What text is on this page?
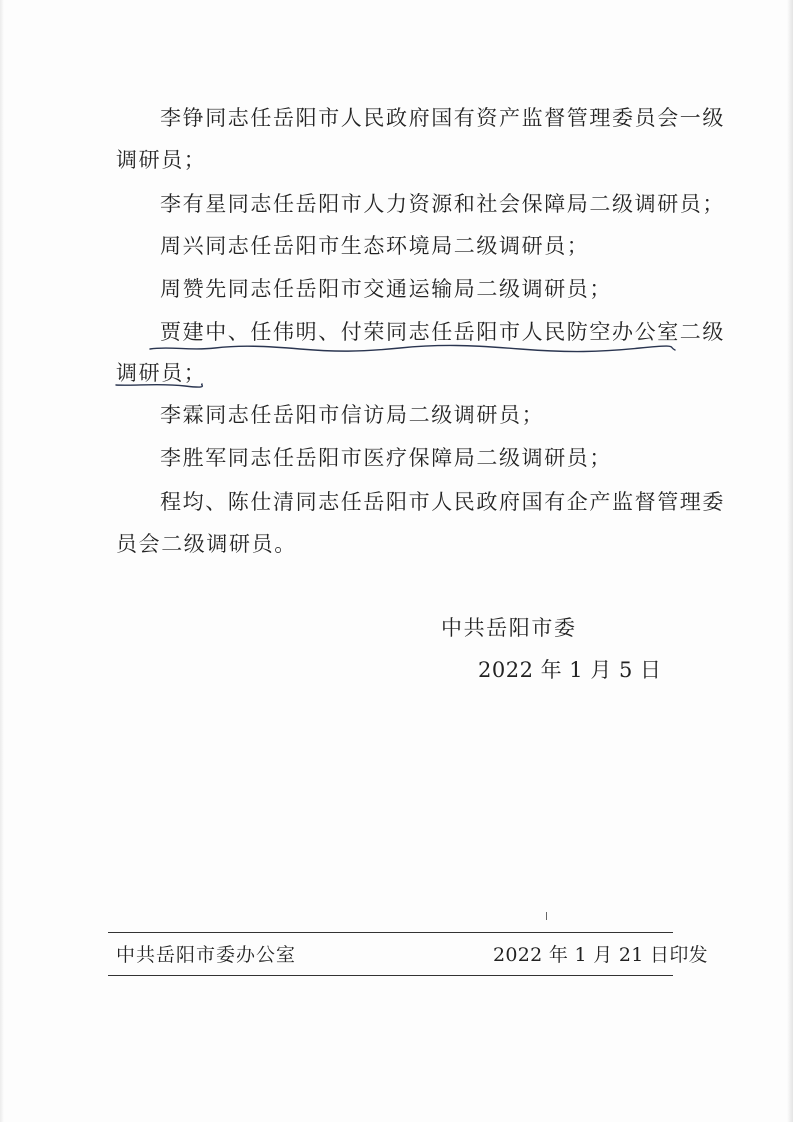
李铮同志任岳阳市人民政府国有资产监督管理委员会一级
调研员；
李有星同志任岳阳市人力资源和社会保障局二级调研员；
周兴同志任岳阳市生态环境局二级调研员；
周赞先同志任岳阳市交通运输局二级调研员；
贾建中、任伟明、付荣同志任岳阳市人民防空办公室二级
调研员；
李霖同志任岳阳市信访局二级调研员；
李胜军同志任岳阳市医疗保障局二级调研员；
程均、陈仕清同志任岳阳市人民政府国有企产监督管理委
员会二级调研员。
中共岳阳市委
2022 年 1 月 5 日
中共岳阳市委办公室	2022 年 1 月 21 日印发
